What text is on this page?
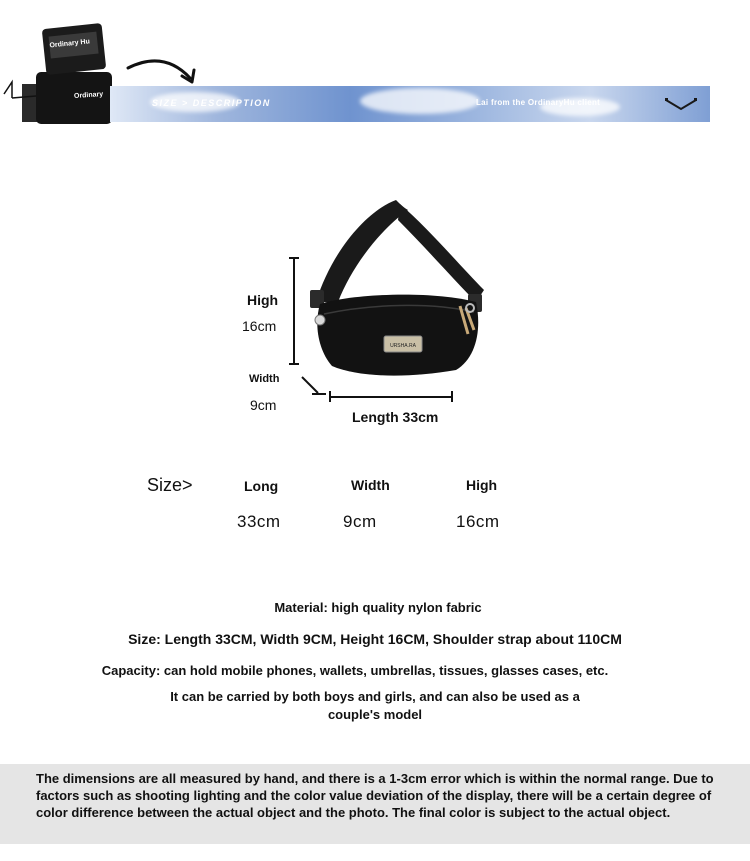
Ordinary
Ordinary Hu
SIZE > DESCRIPTION	Lai from the OrdinaryHu client
High
16cm
Width
9cm
Length 33cm
URSHA.RA
Size>	Long	Width	High
33cm	9cm	16cm
Material: high quality nylon fabric
Size: Length 33CM, Width 9CM, Height 16CM, Shoulder strap about 110CM
Capacity: can hold mobile phones, wallets, umbrellas, tissues, glasses cases, etc.
It can be carried by both boys and girls, and can also be used as a
couple's model
The dimensions are all measured by hand, and there is a 1-3cm error which is within the normal range. Due to factors such as shooting lighting and the color value deviation of the display, there will be a certain degree of color difference between the actual object and the photo. The final color is subject to the actual object.
